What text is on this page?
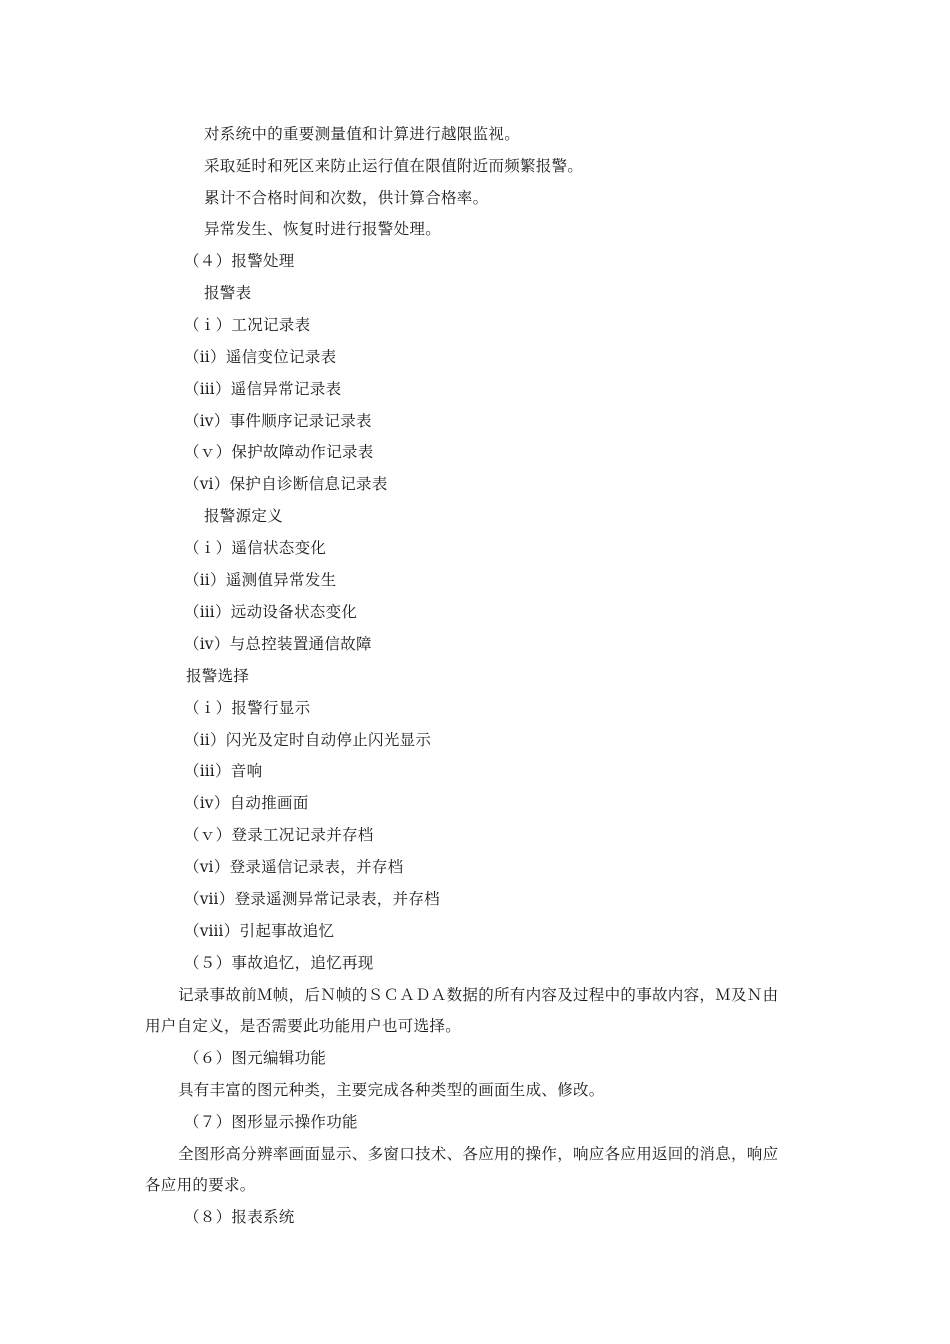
对系统中的重要测量值和计算进行越限监视。
采取延时和死区来防止运行值在限值附近而频繁报警。
累计不合格时间和次数，供计算合格率。
异常发生、恢复时进行报警处理。
（４）报警处理
报警表
（ｉ）工况记录表
（ⅱ）遥信变位记录表
（ⅲ）遥信异常记录表
（ⅳ）事件顺序记录记录表
（ｖ）保护故障动作记录表
（ⅵ）保护自诊断信息记录表
报警源定义
（ｉ）遥信状态变化
（ⅱ）遥测值异常发生
（ⅲ）远动设备状态变化
（ⅳ）与总控装置通信故障
报警选择
（ｉ）报警行显示
（ⅱ）闪光及定时自动停止闪光显示
（ⅲ）音响
（ⅳ）自动推画面
（ｖ）登录工况记录并存档
（ⅵ）登录遥信记录表，并存档
（ⅶ）登录遥测异常记录表，并存档
（ⅷ）引起事故追忆
（５）事故追忆，追忆再现
记录事故前Ｍ帧，后Ｎ帧的ＳＣＡＤＡ数据的所有内容及过程中的事故内容，Ｍ及Ｎ由
用户自定义，是否需要此功能用户也可选择。
（６）图元编辑功能
具有丰富的图元种类，主要完成各种类型的画面生成、修改。
（７）图形显示操作功能
全图形高分辨率画面显示、多窗口技术、各应用的操作，响应各应用返回的消息，响应
各应用的要求。
（８）报表系统
